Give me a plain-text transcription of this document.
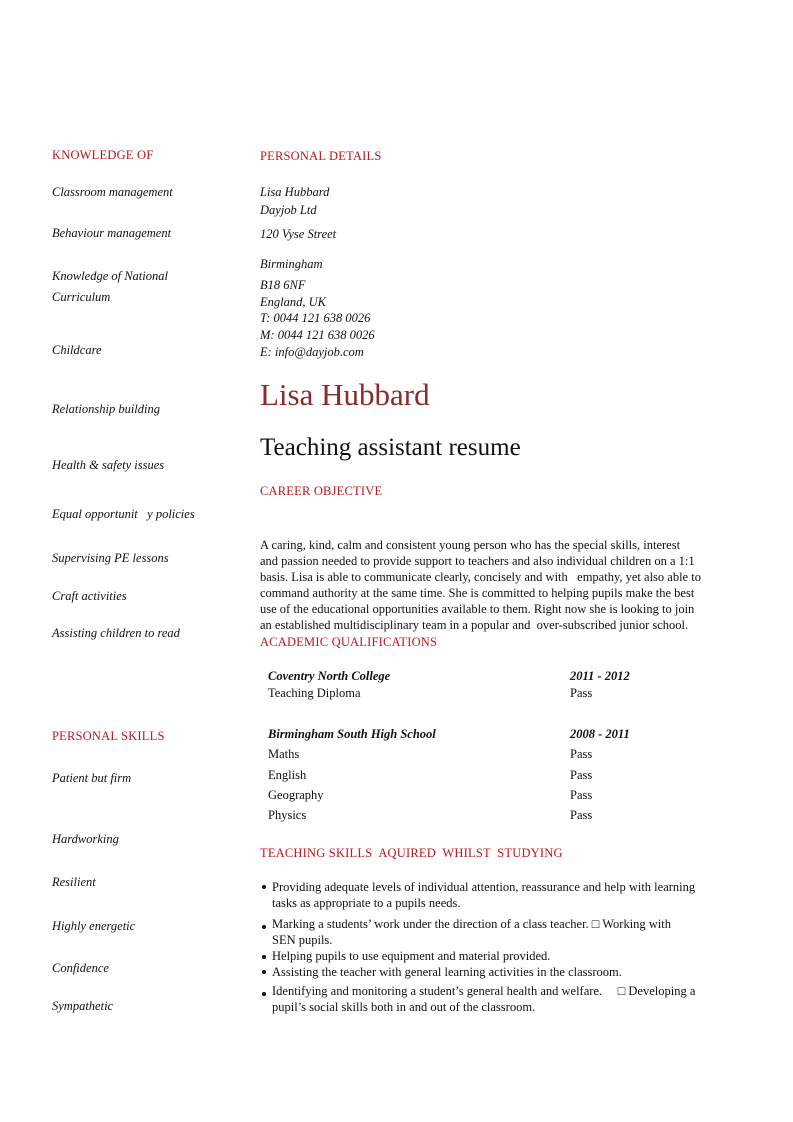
KNOWLEDGE OF
Classroom management
Behaviour management
Knowledge of National
Curriculum
Childcare
Relationship building
Health & safety issues
Equal opportunit   y policies
Supervising PE lessons
Craft activities
Assisting children to read
PERSONAL SKILLS
Patient but firm
Hardworking
Resilient
Highly energetic
Confidence
Sympathetic
PERSONAL DETAILS
Lisa Hubbard
Dayjob Ltd
120 Vyse Street
Birmingham
B18 6NF
England, UK
T: 0044 121 638 0026
M: 0044 121 638 0026
E: info@dayjob.com
Lisa Hubbard
Teaching assistant resume
CAREER OBJECTIVE

A caring, kind, calm and consistent young person who has the special skills, interest
and passion needed to provide support to teachers and also individual children on a 1:1
basis. Lisa is able to communicate clearly, concisely and with   empathy, yet also able to
command authority at the same time. She is committed to helping pupils make the best
use of the educational opportunities available to them. Right now she is looking to join
an established multidisciplinary team in a popular and  over-subscribed junior school.

ACADEMIC QUALIFICATIONS
Coventry North College	2011 - 2012
Teaching Diploma	Pass
Birmingham South High School	2008 - 2011
Maths	Pass
English	Pass
Geography	Pass
Physics	Pass
TEACHING SKILLS  AQUIRED  WHILST  STUDYING
Providing adequate levels of individual attention, reassurance and help with learning
tasks as appropriate to a pupils needs.
Marking a students’ work under the direction of a class teacher. □ Working with
SEN pupils.
Helping pupils to use equipment and material provided.
Assisting the teacher with general learning activities in the classroom.
Identifying and monitoring a student’s general health and welfare.     □ Developing a
pupil’s social skills both in and out of the classroom.
